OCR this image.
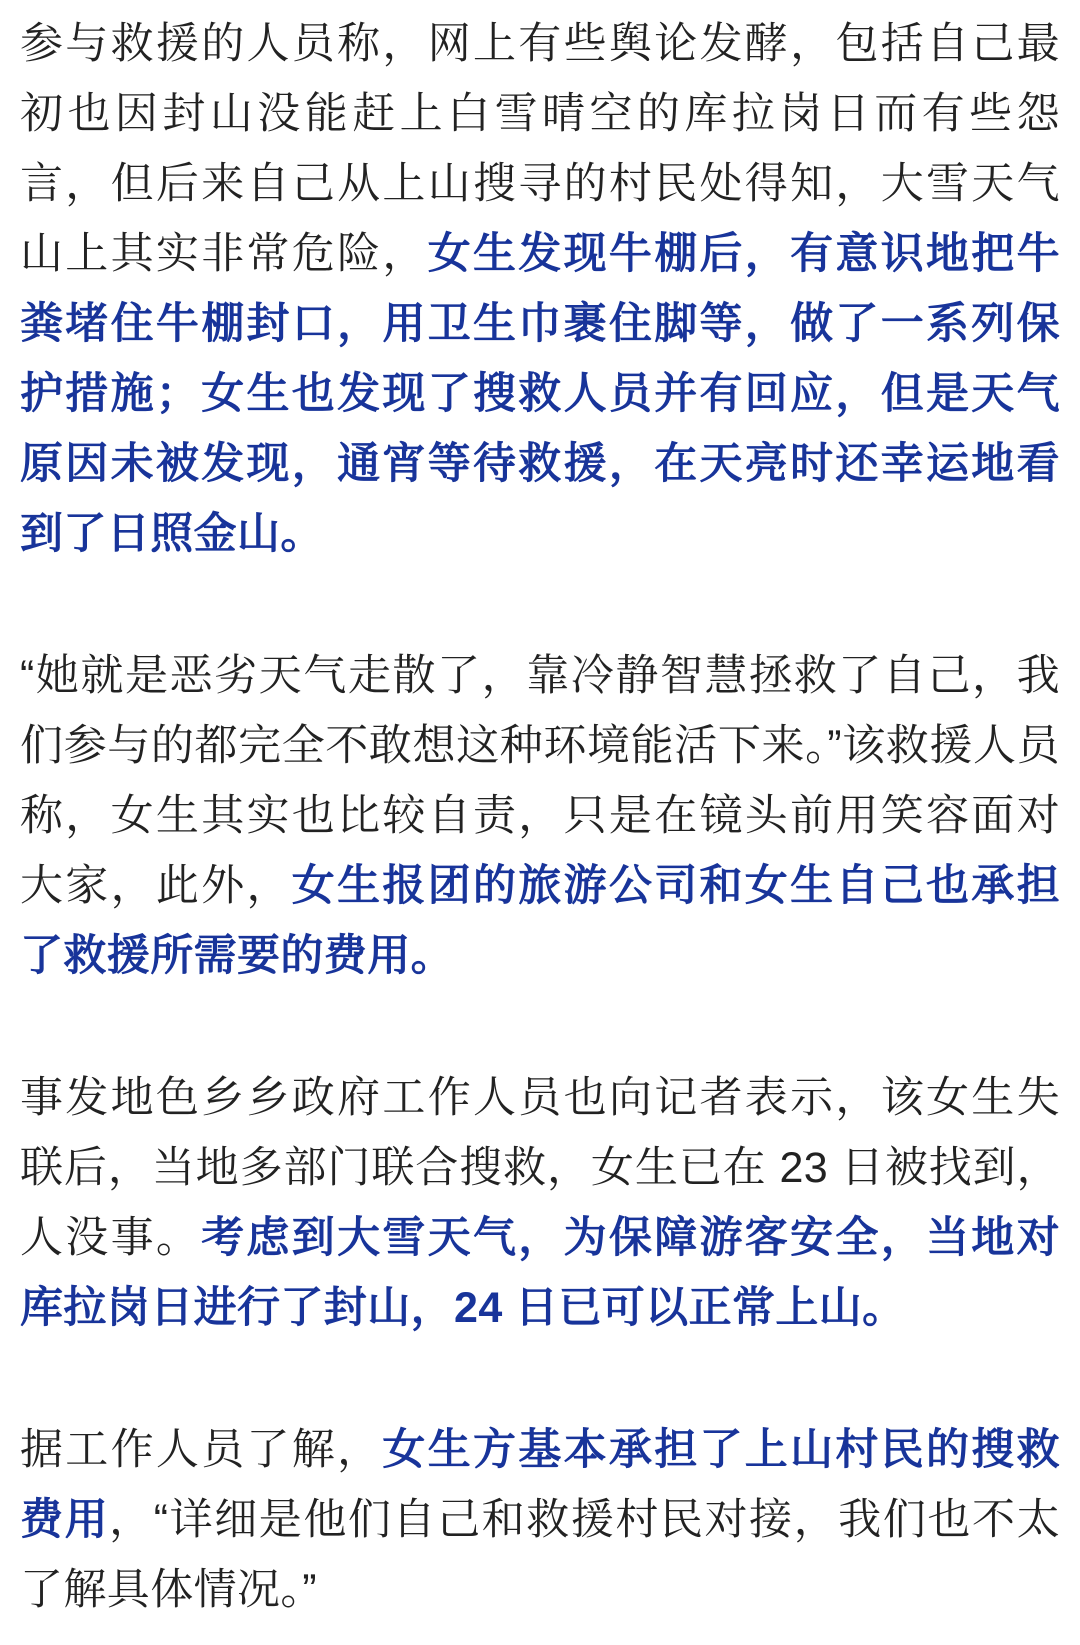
参与救援的人员称，网上有些舆论发酵，包括自己最初也因封山没能赶上白雪晴空的库拉岗日而有些怨言，但后来自己从上山搜寻的村民处得知，大雪天气山上其实非常危险，女生发现牛棚后，有意识地把牛粪堵住牛棚封口，用卫生巾裹住脚等，做了一系列保护措施；女生也发现了搜救人员并有回应，但是天气原因未被发现，通宵等待救援，在天亮时还幸运地看到了日照金山。

“她就是恶劣天气走散了，靠冷静智慧拯救了自己，我们参与的都完全不敢想这种环境能活下来。”该救援人员称，女生其实也比较自责，只是在镜头前用笑容面对大家，此外，女生报团的旅游公司和女生自己也承担了救援所需要的费用。

事发地色乡乡政府工作人员也向记者表示，该女生失联后，当地多部门联合搜救，女生已在 23 日被找到，人没事。考虑到大雪天气，为保障游客安全，当地对库拉岗日进行了封山，24 日已可以正常上山。

据工作人员了解，女生方基本承担了上山村民的搜救费用，“详细是他们自己和救援村民对接，我们也不太了解具体情况。”
